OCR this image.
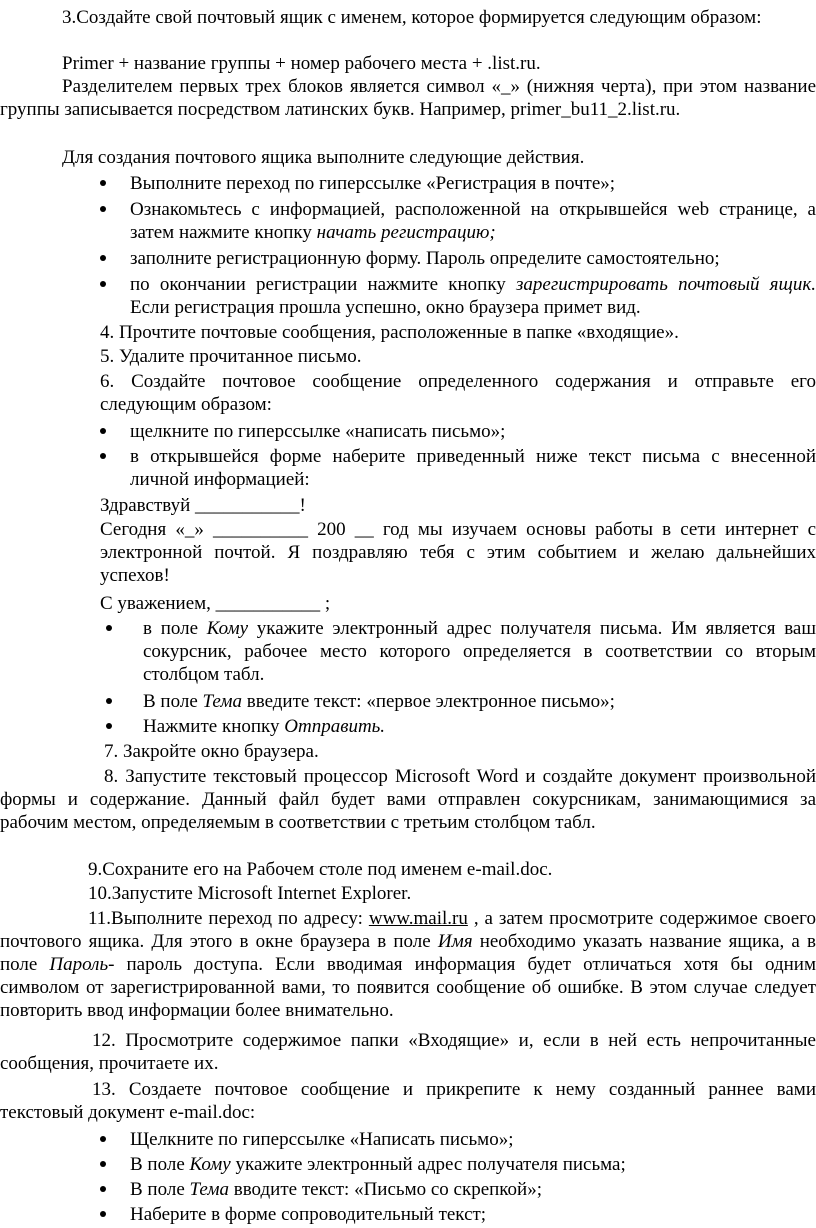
3.Создайте свой почтовый ящик с именем, которое формируется следующим образом:

Primer + название группы + номер рабочего места + .list.ru.

Разделителем первых трех блоков является символ «_» (нижняя черта), при этом название группы записывается посредством латинских букв. Например, primer_bu11_2.list.ru.

Для создания почтового ящика выполните следующие действия.

Выполните переход по гиперссылке «Регистрация в почте»;
Ознакомьтесь с информацией, расположенной на открывшейся web странице, а затем нажмите кнопку начать регистрацию;
заполните регистрационную форму. Пароль определите самостоятельно;
по окончании регистрации нажмите кнопку зарегистрировать почтовый ящик. Если регистрация прошла успешно, окно браузера примет вид.

4. Прочтите почтовые сообщения, расположенные в папке «входящие».

5. Удалите прочитанное письмо.

6. Создайте почтовое сообщение определенного содержания и отправьте его следующим образом:

щелкните по гиперссылке «написать письмо»;
в открывшейся форме наберите приведенный ниже текст письма с внесенной личной информацией:

Здравствуй ___________!

Сегодня «_» __________ 200 __ год мы изучаем основы работы в сети интернет с электронной почтой. Я поздравляю тебя с этим событием и желаю дальнейших успехов!

С уважением, ___________ ;

в поле Кому укажите электронный адрес получателя письма. Им является ваш сокурсник, рабочее место которого определяется в соответствии со вторым столбцом табл.
В поле Тема введите текст: «первое электронное письмо»;
Нажмите кнопку Отправить.

7. Закройте окно браузера.

8. Запустите текстовый процессор Microsoft Word и создайте документ произвольной формы и содержание. Данный файл будет вами отправлен сокурсникам, занимающимися за рабочим местом, определяемым в соответствии с третьим столбцом табл.

9.Сохраните его на Рабочем столе под именем e-mail.doc.

10.Запустите Microsoft Internet Explorer.

11.Выполните переход по адресу: www.mail.ru , а затем просмотрите содержимое своего почтового ящика. Для этого в окне браузера в поле Имя необходимо указать название ящика, а в поле Пароль- пароль доступа. Если вводимая информация будет отличаться хотя бы одним символом от зарегистрированной вами, то появится сообщение об ошибке. В этом случае следует повторить ввод информации более внимательно.

12. Просмотрите содержимое папки «Входящие» и, если в ней есть непрочитанные сообщения, прочитаете их.

13. Создаете почтовое сообщение и прикрепите к нему созданный раннее вами текстовый документ e-mail.doc:

Щелкните по гиперссылке «Написать письмо»;
В поле Кому укажите электронный адрес получателя письма;
В поле Тема вводите текст: «Письмо со скрепкой»;
Наберите в форме сопроводительный текст;
